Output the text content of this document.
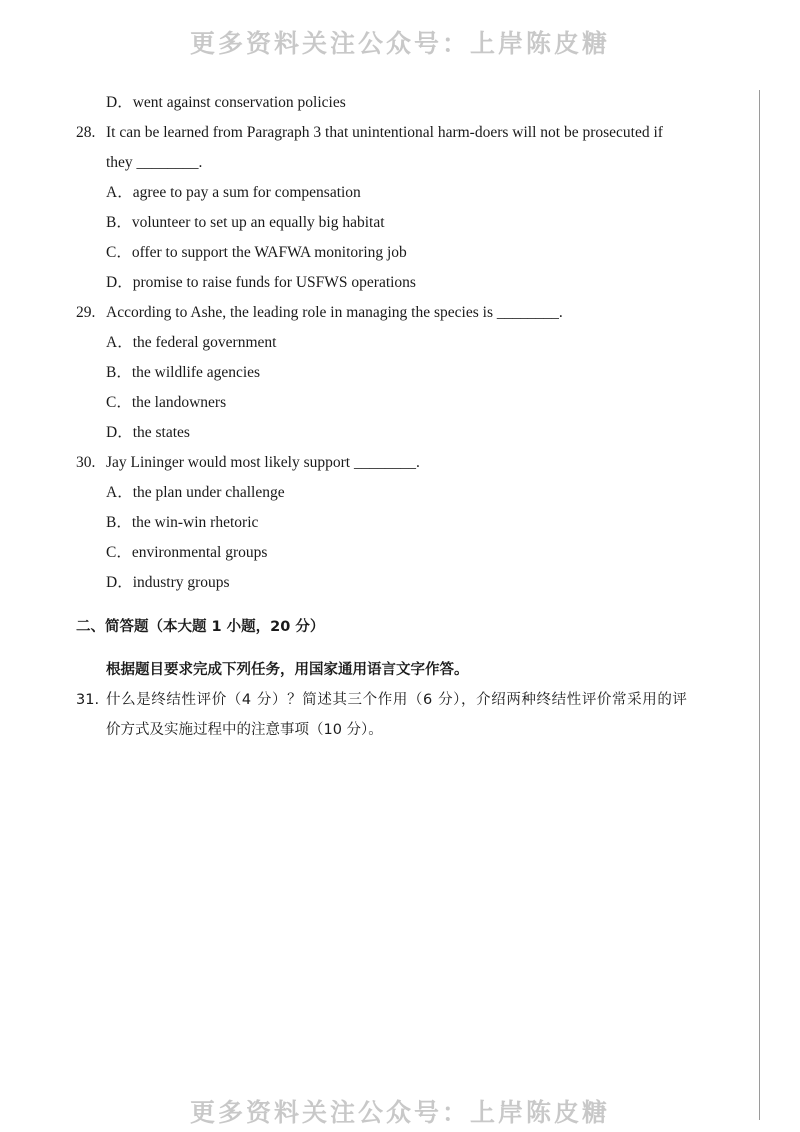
更多资料关注公众号：上岸陈皮糖
D．went against conservation policies
28. It can be learned from Paragraph 3 that unintentional harm-doers will not be prosecuted if
they ________.
A．agree to pay a sum for compensation
B．volunteer to set up an equally big habitat
C．offer to support the WAFWA monitoring job
D．promise to raise funds for USFWS operations
29. According to Ashe, the leading role in managing the species is ________.
A．the federal government
B．the wildlife agencies
C．the landowners
D．the states
30. Jay Lininger would most likely support ________.
A．the plan under challenge
B．the win-win rhetoric
C．environmental groups
D．industry groups
二、简答题（本大题 1 小题，20 分）
根据题目要求完成下列任务，用国家通用语言文字作答。
31. 什么是终结性评价（4 分）？简述其三个作用（6 分），介绍两种终结性评价常采用的评
价方式及实施过程中的注意事项（10 分）。
更多资料关注公众号：上岸陈皮糖
